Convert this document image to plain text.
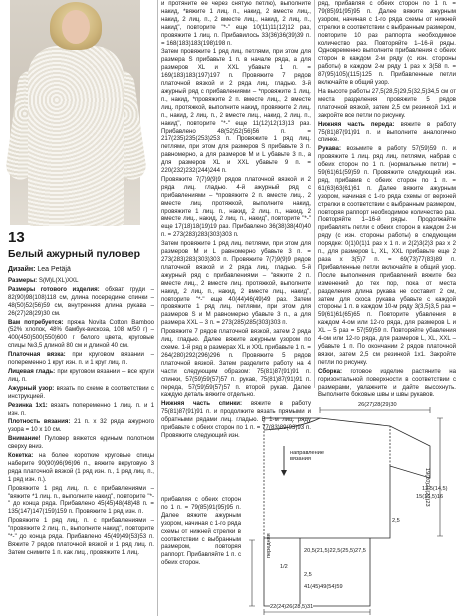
13
Белый ажурный пуловер
Дизайн: Lea Petäjä

Размеры: S(M)L(XL)XXL

Размеры готового изделия: обхват груди – 82(90)98(108)118 см, длина посередине спинки – 48(50)52(56)59 см, внутренняя длина рукава – 26(27)28(29)30 см.

Вам потребуется: пряжа Novita Cotton Bamboo (52% хлопок, 48% бамбук-вискоза, 108 м/50 г) – 400(450)500(550)600 г белого цвета, круговые спицы №3,5 длиной 80 см и длиной 40 см.

Платочная вязка: при круговом вязании – попеременно 1 круг изн. п. и 1 круг лиц. п.

Лицевая гладь: при круговом вязании – все круги лиц. п.

Ажурный узор: вязать по схеме в соответствии с инструкцией.

Резинка 1x1: вязать попеременно 1 лиц. п. и 1 изн. п.

Плотность вязания: 21 п. x 32 ряда ажурного узора = 10 x 10 см.

Внимание! Пуловер вяжется единым полотном сверху вниз.

Кокетка: на более короткие круговые спицы наберите 90(90)96(96)96 п., вяжите вкруговую 3 ряда платочной вязкой (1 ряд изн. п., 1 ряд лиц. п., 1 ряд изн. п.).

Провяжите 1 ряд лиц. п. с прибавлениями – "вяжите *1 лиц. п., выполните накид", повторите "*-" до конца ряда. Прибавлено 45(45)48(48)48 п. = 135(147)147(159)159 п. Провяжите 1 ряд изн. п.

Провяжите 1 ряд лиц. п. с прибавлениями – "провяжите 2 лиц. п., выполните накид", повторите "*-" до конца ряда. Прибавлено 45(49)49(53)53 п. Вяжите 7 рядов платочной вязкой и 1 ряд лиц. п. Затем снимите 1 п. как лиц., провяжите 1 лиц.

и протяните ее через снятую петлю), выполните накид, *вяжите 1 лиц. п., накид, 2 вместе лиц., накид, 2 лиц. п., 2 вместе лиц., накид, 2 лиц. п., накид", повторите "*-" еще 10(11)11(12)12 раз, провяжите 1 лиц. п. Прибавилось 33(36)36(39)39 п. = 168(183)183(198)198 п.

Затем провяжите 1 ряд лиц. петлями, при этом для размера S прибавьте 1 п. в начале ряда, а для размеров XL и XXL убавьте 1 п. = 169(183)183(197)197 п. Провяжите 7 рядов платочной вязкой и 2 ряда лиц. гладью. 3-й ажурный ряд с прибавлениями – *провяжите 1 лиц. п., накид, *провяжите 2 п. вместе лиц., 2 вместе лиц. протяжкой, выполните накид, провяжите 2 лиц. п., накид, 2 лиц. п., 2 вместе лиц., накид, 2 лиц. п., накид", повторите "*-" еще 11(12)12(13)13 раз. Прибавлено 48(52)52(56)56 п. = 217(235)235(253)253 п. Провяжите 1 ряд лиц. петлями, при этом для размеров S прибавьте 3 п. равномерно, а для размеров M и L убавьте 3 п., а для размеров XL и XXL убавьте 9 п. = 220(232)232(244)244 п.

Провяжите 7(7)9(9)9 рядов платочной вязкой и 2 ряда лиц. гладью. 4-й ажурный ряд с прибавлениями – *провяжите 2 п. вместе лиц., 2 вместе лиц. протяжкой, выполните накид, провяжите 1 лиц. п., накид, 2 лиц. п., накид, 2 вместе лиц., накид, 2 лиц. п., накид", повторите "*-" еще 17(18)18(19)19 раз. Прибавлено 36(38)38(40)40 п. = 273(283)283(303)303 п.

Затем провяжите 1 ряд лиц. петлями, при этом для размеров M и L равномерно убавьте 3 п. = 273(283)283(303)303 п. Провяжите 7(7)9(9)9 рядов платочной вязкой и 2 ряда лиц. гладью. 5-й ажурный ряд с прибавлениями – "вяжите 2 п. вместе лиц., 2 вместе лиц. протяжкой, выполните накид, 2 лиц. п., накид, 2 вместе лиц., накид", повторите "*-" еще 40(44)46(49)49 раз. Затем провяжите 1 ряд лиц. петлями, при этом для размеров S и M равномерно убавьте 3 п., а для размера XXL – 3 п. = 273(285)285(303)303 п.

Провяжите 7 рядов платочной вязкой, затем 2 ряда лиц. гладью. Далее вяжите ажурным узором по схеме. 1-й ряд в размерах XL и XXL прибавьте 1 п. = 264(280)292(296)296 п. Провяжите 5 рядов платочной вязкой. Затем разделите работу на 4 части следующим образом: 75(81)87(91)91 п. спинки, 57(59)59(57)57 п. рукав, 75(81)87(91)91 п. переда, 57(59)59(57)57 п. второй рукав. Далее каждую деталь вяжите отдельно.

Нижняя часть спинки: вяжите в работу 75(81)87(91)91 п. и продолжите вязать прямыми и обратными рядами лиц. гладью. В 1-м лиц. ряду прибавьте с обеих сторон по 1 п. = 77(83)89(93)93 п. Провяжите следующий изн.

ряд, прибавляя с обеих сторон по 1 п. = 79(85)91(95)95 п. Далее вяжите ажурным узором, начиная с 1-го ряда схемы от нижней стрелки в соответствии с выбранным размером, повторите 10 раз раппорта необходимое количество раз. Повторяйте 1–16-й ряды. Одновременно выполните прибавления с обеих сторон в каждом 2-м ряду (с изн. стороны работы) в каждом 2-м ряду 1 раз x 3(58 п. = 87(95)105)(115)125 п. Прибавленные петли включайте в общий узор.

На высоте работы 27,5(28,5)29,5(32,5)34,5 см от места разделения провяжите 5 рядов платочной вязкой, затем 2,5 см резинкой 1x1 и закройте все петли по рисунку.

Нижняя часть переда: вяжите в работу 75(81)87(91)91 п. и выполните аналогично спинке.

Рукава: возьмите в работу 57(59)59 п. и провяжите 1 лиц. ряд лиц. петлями, набрав с обеих сторон по 1 п. (нормальные петли) = 59(61)61(59)59 п. Провяжите следующий изн. ряд, прибавив с обеих сторон по 1 п. = 61(63)63(61)61 п. Далее вяжите ажурным узором, начиная с 1-го ряда схемы от верхней стрелки в соответствии с выбранным размером, повторяя раппорт необходимое количество раз. Повторяйте 1–16-й ряды. Продолжайте прибавлять петли с обеих сторон в каждом 2-м ряду (с изн. стороны работы) в следующем порядке: 0(1)0(1)1 раз x 1 п. и 2(2)3(2)3 раз x 2 п., для размеров L, XL, XXL прибавьте еще 2 раза x 3(5)7 п. = 69(73)77(83)89 п. Прибавленные петли включайте в общий узор. После выполнения прибавлений вяжите без изменений до тех пор, пока от места разделения длина рукава не составит 2 см, затем для скоса рукава убавьте с каждой стороны 1 п. в каждом 10-м ряду 3(3,5)3,5 раз = 59(61)61(65)65 п. Повторите убавления в каждом 4-ом или 12-го ряда, для размеров L и XL – 5 раз = 57(59)59 п. Повторяйте убавления 4-ом или 12-го ряда, для размеров L, XL, XXL – убавьте 1 п. По окончании 2 рядов платочной вязки, затем 2,5 см резинкой 1x1. Закройте петли по рисунку.

Сборка: готовое изделие растяните на горизонтальной поверхности в соответствии с размерами, увлажните и дайте высохнуть. Выполните боковые швы и швы рукавов.

прибавляя с обеих сторон по 1 п. = 79(85)91(95)95 п. Далее вяжите ажурным узором, начиная с 1-го ряда схемы от нижней стрелки в соответствии с выбранным размером, повторяя раппорт. Прибавляйте 1 п. с обеих сторон.

26(27)28(29)30
направление вязания
19(20)21(22)23
13,5(14,5)
15(15,5)16
2,5
20,5(21,5)22,5(25,5)27,5
2,5
передняя
1/2
41(45)49(54)59
22(24)26(28,5)31
